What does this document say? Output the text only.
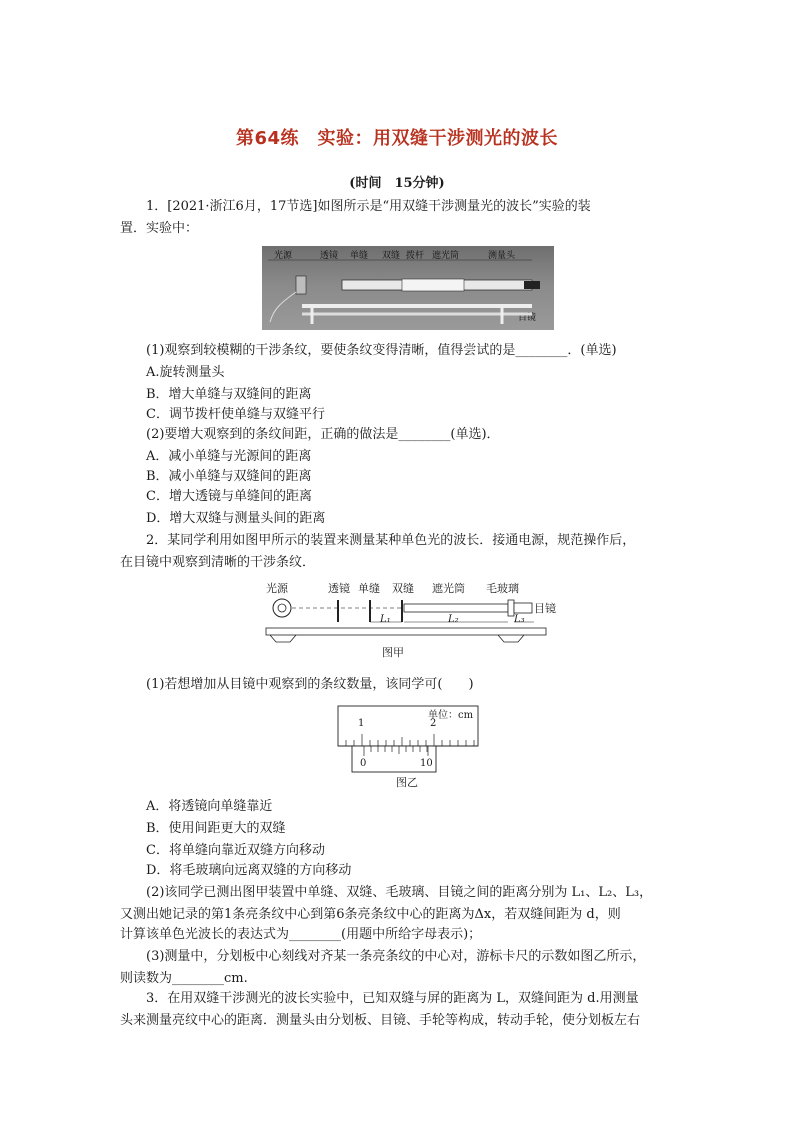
第64练　实验：用双缝干涉测光的波长
(时间　15分钟)
1．[2021·浙江6月，17节选]如图所示是“用双缝干涉测量光的波长”实验的装
置．实验中：
光源	透镜 单缝 双缝 拨杆 遮光筒	测量头
目镜
(1)观察到较模糊的干涉条纹，要使条纹变得清晰，值得尝试的是________．(单选)
A.旋转测量头
B．增大单缝与双缝间的距离
C．调节拨杆使单缝与双缝平行
(2)要增大观察到的条纹间距，正确的做法是________(单选)．
A．减小单缝与光源间的距离
B．减小单缝与双缝间的距离
C．增大透镜与单缝间的距离
D．增大双缝与测量头间的距离
2．某同学利用如图甲所示的装置来测量某种单色光的波长．接通电源，规范操作后，
在目镜中观察到清晰的干涉条纹．
光源	透镜 单缝 双缝 遮光筒 毛玻璃
目镜
L₁	L₂	L₃
图甲
(1)若想增加从目镜中观察到的条纹数量，该同学可(　　)
单位：cm
1	2
0	10
图乙
A．将透镜向单缝靠近
B．使用间距更大的双缝
C．将单缝向靠近双缝方向移动
D．将毛玻璃向远离双缝的方向移动
(2)该同学已测出图甲装置中单缝、双缝、毛玻璃、目镜之间的距离分别为 L₁、L₂、L₃，
又测出她记录的第1条亮条纹中心到第6条亮条纹中心的距离为Δx，若双缝间距为 d，则
计算该单色光波长的表达式为________(用题中所给字母表示)；
(3)测量中，分划板中心刻线对齐某一条亮条纹的中心对，游标卡尺的示数如图乙所示，
则读数为________cm.
3．在用双缝干涉测光的波长实验中，已知双缝与屏的距离为 L，双缝间距为 d.用测量
头来测量亮纹中心的距离．测量头由分划板、目镜、手轮等构成，转动手轮，使分划板左右
